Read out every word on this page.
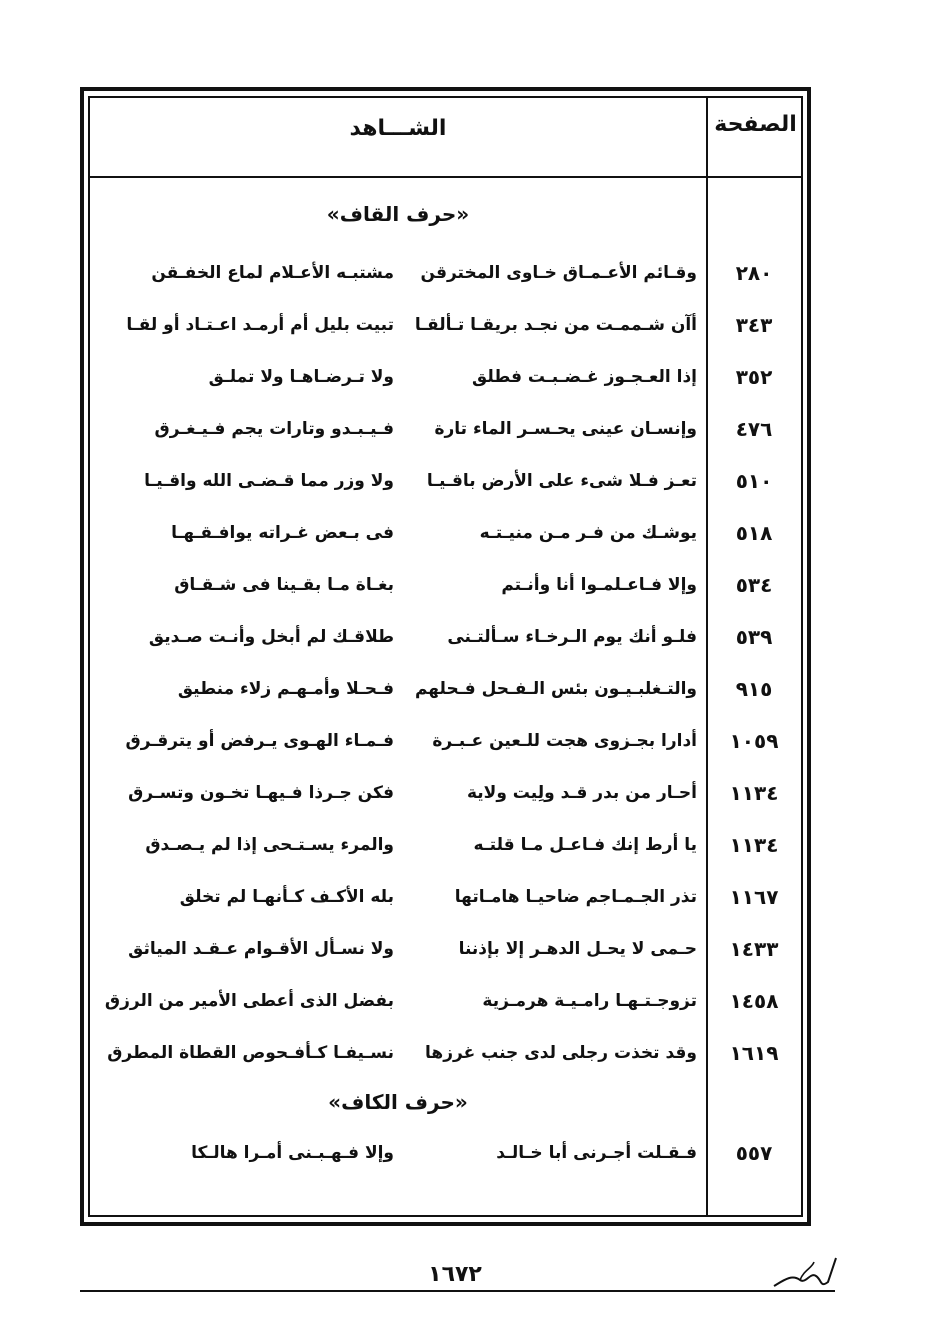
الصفحة
الشـــاهد
«حرف القاف»
٢٨٠
وقـائم الأعـمـاق خـاوى المخترقن
مشتبـه الأعـلام لماع الخفـقن
٣٤٣
أآن شـممـت من نجـد بريقـا تـألقـا
تبيت بليل أم أرمـد اعـتـاد أو لقـا
٣٥٢
إذا العـجـوز غـضـبـت فطلق
ولا تـرضـاهـا ولا تملـق
٤٧٦
وإنسـان عينى يحـسـر الماء تارة
فـيـبـدو وتارات يجم فـيـغـرق
٥١٠
تعـز فـلا شىء على الأرض باقـيـا
ولا وزر مما قـضـى الله واقـيـا
٥١٨
يوشـك من فـر مـن منيـتـه
فى بـعض غـراته يوافـقـهـا
٥٣٤
وإلا فـاعـلمـوا أنا وأنـتم
بغـاة مـا بقـينا فى شـقـاق
٥٣٩
فلـو أنك يوم الـرخـاء سـألتـنى
طلاقـك لم أبخل وأنـت صـديق
٩١٥
والتـغلبـيـون بئس الـفـحل فـحلهم
فـحـلا وأمـهـم زلاء منطيق
١٠٥٩
أدارا بجـزوى هجت للـعين عـبـرة
فـمـاء الهـوى يـرفض أو يترقـرق
١١٣٤
أحـار من بدر قـد ولِيت ولاية
فكن جـرذا فـيهـا تخـون وتسـرق
١١٣٤
يا أرط إنك فـاعـل مـا قلتـه
والمرء يسـتـحى إذا لم يـصـدق
١١٦٧
تذر الجـمـاجم ضاحيـا هامـاتها
بله الأكـف كـأنهـا لم تخلق
١٤٣٣
حـمى لا يحـل الدهـر إلا بإذننا
ولا نسـأل الأقـوام عـقـد المياثق
١٤٥٨
تزوجـتـهـا رامـيـة هرمـزية
بفضل الذى أعطى الأمير من الرزق
١٦١٩
وقد تخذت رجلى لدى جنب غرزها
نسـيفـا كـأفـحوص القطاة المطرق
«حرف الكاف»
٥٥٧
فـقـلت أجـرنى أبا خـالـد
وإلا فـهـبـنى أمـرا هالـكا
١٦٧٢
